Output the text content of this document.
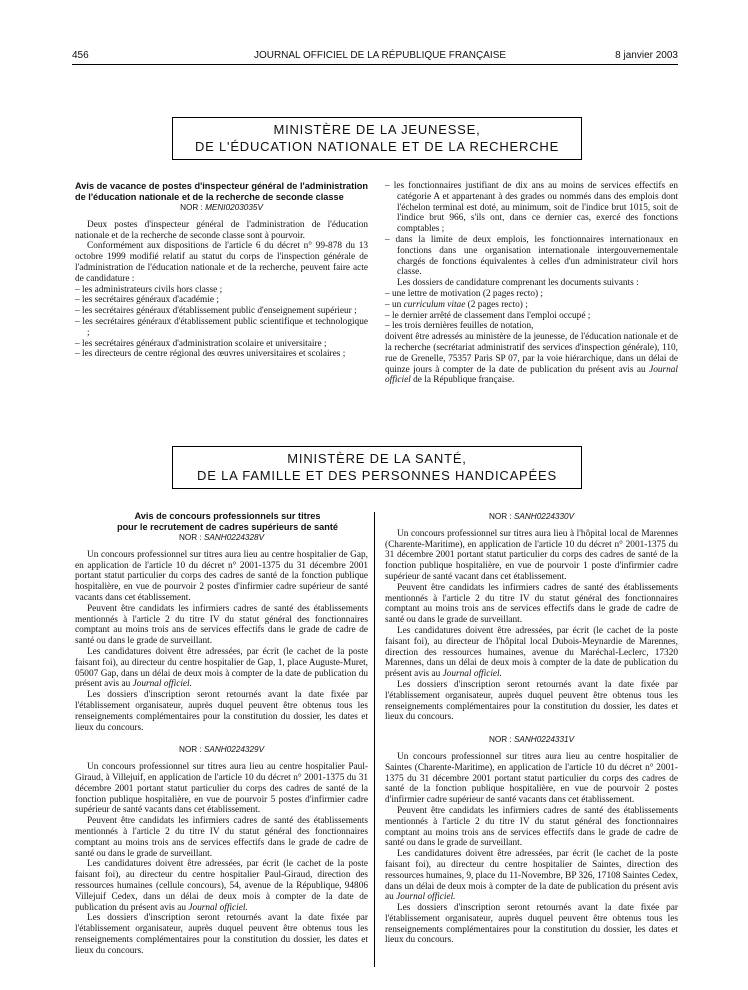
456	JOURNAL OFFICIEL DE LA RÉPUBLIQUE FRANÇAISE	8 janvier 2003
MINISTÈRE DE LA JEUNESSE,
DE L'ÉDUCATION NATIONALE ET DE LA RECHERCHE

Avis de vacance de postes d'inspecteur général de l'administration de l'éducation nationale et de la recherche de seconde classe

NOR : MENI0203035V

Deux postes d'inspecteur général de l'administration de l'éducation nationale et de la recherche de seconde classe sont à pourvoir.

Conformément aux dispositions de l'article 6 du décret n° 99-878 du 13 octobre 1999 modifié relatif au statut du corps de l'inspection générale de l'administration de l'éducation nationale et de la recherche, peuvent faire acte de candidature :

– les administrateurs civils hors classe ;
– les secrétaires généraux d'académie ;
– les secrétaires généraux d'établissement public d'enseignement supérieur ;
– les secrétaires généraux d'établissement public scientifique et technologique ;
– les secrétaires généraux d'administration scolaire et universitaire ;
– les directeurs de centre régional des œuvres universitaires et scolaires ;
– les fonctionnaires justifiant de dix ans au moins de services effectifs en catégorie A et appartenant à des grades ou nommés dans des emplois dont l'échelon terminal est doté, au minimum, soit de l'indice brut 1015, soit de l'indice brut 966, s'ils ont, dans ce dernier cas, exercé des fonctions comptables ;
– dans la limite de deux emplois, les fonctionnaires internationaux en fonctions dans une organisation internationale intergouvernementale chargés de fonctions équivalentes à celles d'un administrateur civil hors classe.

Les dossiers de candidature comprenant les documents suivants :

– une lettre de motivation (2 pages recto) ;
– un curriculum vitae (2 pages recto) ;
– le dernier arrêté de classement dans l'emploi occupé ;
– les trois dernières feuilles de notation,

doivent être adressés au ministère de la jeunesse, de l'éducation nationale et de la recherche (secrétariat administratif des services d'inspection générale), 110, rue de Grenelle, 75357 Paris SP 07, par la voie hiérarchique, dans un délai de quinze jours à compter de la date de publication du présent avis au Journal officiel de la République française.

MINISTÈRE DE LA SANTÉ,
DE LA FAMILLE ET DES PERSONNES HANDICAPÉES

Avis de concours professionnels sur titres

pour le recrutement de cadres supérieurs de santé

NOR : SANH0224328V

Un concours professionnel sur titres aura lieu au centre hospitalier de Gap, en application de l'article 10 du décret n° 2001-1375 du 31 décembre 2001 portant statut particulier du corps des cadres de santé de la fonction publique hospitalière, en vue de pourvoir 2 postes d'infirmier cadre supérieur de santé vacants dans cet établissement.

Peuvent être candidats les infirmiers cadres de santé des établissements mentionnés à l'article 2 du titre IV du statut général des fonctionnaires comptant au moins trois ans de services effectifs dans le grade de cadre de santé ou dans le grade de surveillant.

Les candidatures doivent être adressées, par écrit (le cachet de la poste faisant foi), au directeur du centre hospitalier de Gap, 1, place Auguste-Muret, 05007 Gap, dans un délai de deux mois à compter de la date de publication du présent avis au Journal officiel.

Les dossiers d'inscription seront retournés avant la date fixée par l'établissement organisateur, auprès duquel peuvent être obtenus tous les renseignements complémentaires pour la constitution du dossier, les dates et lieux du concours.

NOR : SANH0224329V

Un concours professionnel sur titres aura lieu au centre hospitalier Paul-Giraud, à Villejuif, en application de l'article 10 du décret n° 2001-1375 du 31 décembre 2001 portant statut particulier du corps des cadres de santé de la fonction publique hospitalière, en vue de pourvoir 5 postes d'infirmier cadre supérieur de santé vacants dans cet établissement.

Peuvent être candidats les infirmiers cadres de santé des établissements mentionnés à l'article 2 du titre IV du statut général des fonctionnaires comptant au moins trois ans de services effectifs dans le grade de cadre de santé ou dans le grade de surveillant.

Les candidatures doivent être adressées, par écrit (le cachet de la poste faisant foi), au directeur du centre hospitalier Paul-Giraud, direction des ressources humaines (cellule concours), 54, avenue de la République, 94806 Villejuif Cedex, dans un délai de deux mois à compter de la date de publication du présent avis au Journal officiel.

Les dossiers d'inscription seront retournés avant la date fixée par l'établissement organisateur, auprès duquel peuvent être obtenus tous les renseignements complémentaires pour la constitution du dossier, les dates et lieux du concours.

NOR : SANH0224330V

Un concours professionnel sur titres aura lieu à l'hôpital local de Marennes (Charente-Maritime), en application de l'article 10 du décret n° 2001-1375 du 31 décembre 2001 portant statut particulier du corps des cadres de santé de la fonction publique hospitalière, en vue de pourvoir 1 poste d'infirmier cadre supérieur de santé vacant dans cet établissement.

Peuvent être candidats les infirmiers cadres de santé des établissements mentionnés à l'article 2 du titre IV du statut général des fonctionnaires comptant au moins trois ans de services effectifs dans le grade de cadre de santé ou dans le grade de surveillant.

Les candidatures doivent être adressées, par écrit (le cachet de la poste faisant foi), au directeur de l'hôpital local Dubois-Meynardie de Marennes, direction des ressources humaines, avenue du Maréchal-Leclerc, 17320 Marennes, dans un délai de deux mois à compter de la date de publication du présent avis au Journal officiel.

Les dossiers d'inscription seront retournés avant la date fixée par l'établissement organisateur, auprès duquel peuvent être obtenus tous les renseignements complémentaires pour la constitution du dossier, les dates et lieux du concours.

NOR : SANH0224331V

Un concours professionnel sur titres aura lieu au centre hospitalier de Saintes (Charente-Maritime), en application de l'article 10 du décret n° 2001-1375 du 31 décembre 2001 portant statut particulier du corps des cadres de santé de la fonction publique hospitalière, en vue de pourvoir 2 postes d'infirmier cadre supérieur de santé vacants dans cet établissement.

Peuvent être candidats les infirmiers cadres de santé des établissements mentionnés à l'article 2 du titre IV du statut général des fonctionnaires comptant au moins trois ans de services effectifs dans le grade de cadre de santé ou dans le grade de surveillant.

Les candidatures doivent être adressées, par écrit (le cachet de la poste faisant foi), au directeur du centre hospitalier de Saintes, direction des ressources humaines, 9, place du 11-Novembre, BP 326, 17108 Saintes Cedex, dans un délai de deux mois à compter de la date de publication du présent avis au Journal officiel.

Les dossiers d'inscription seront retournés avant la date fixée par l'établissement organisateur, auprès duquel peuvent être obtenus tous les renseignements complémentaires pour la constitution du dossier, les dates et lieux du concours.
